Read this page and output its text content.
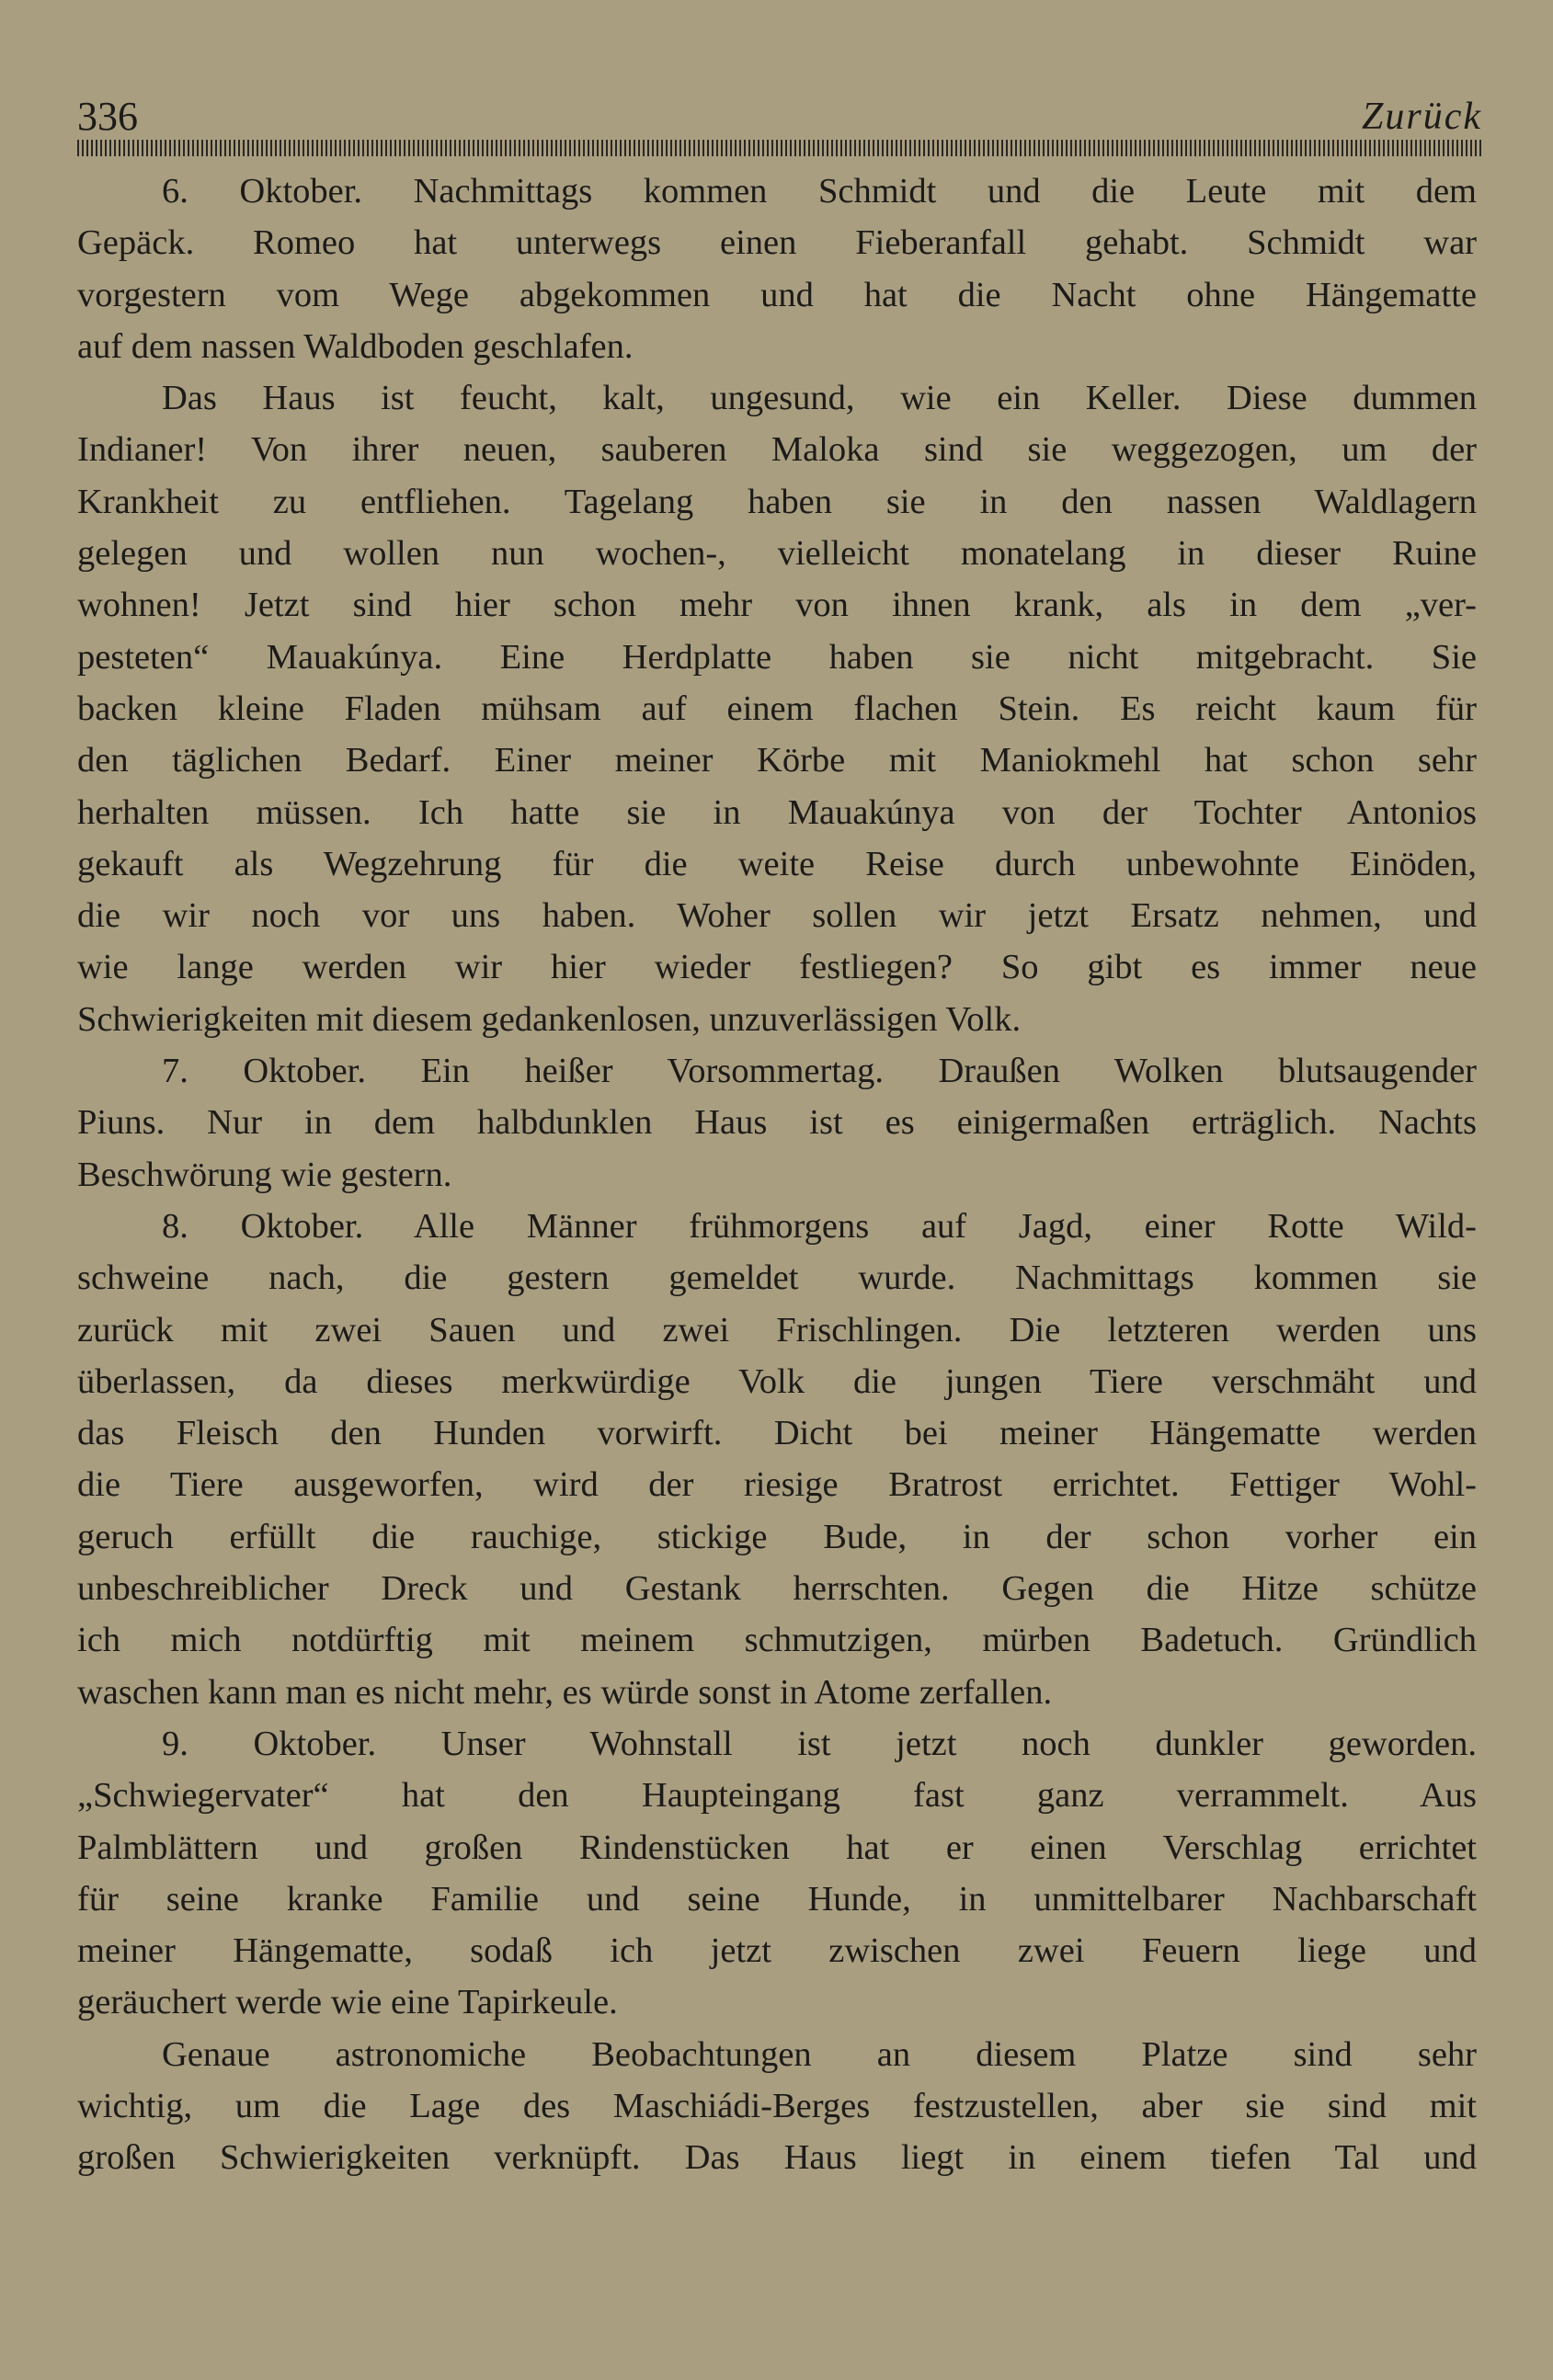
336	Zurück
6. Oktober. Nachmittags kommen Schmidt und die Leute mit dem
Gepäck. Romeo hat unterwegs einen Fieberanfall gehabt. Schmidt war
vorgestern vom Wege abgekommen und hat die Nacht ohne Hängematte
auf dem nassen Waldboden geschlafen.
Das Haus ist feucht, kalt, ungesund, wie ein Keller. Diese dummen
Indianer! Von ihrer neuen, sauberen Maloka sind sie weggezogen, um der
Krankheit zu entfliehen. Tagelang haben sie in den nassen Waldlagern
gelegen und wollen nun wochen-, vielleicht monatelang in dieser Ruine
wohnen! Jetzt sind hier schon mehr von ihnen krank, als in dem „ver-
pesteten“ Mauakúnya. Eine Herdplatte haben sie nicht mitgebracht. Sie
backen kleine Fladen mühsam auf einem flachen Stein. Es reicht kaum für
den täglichen Bedarf. Einer meiner Körbe mit Maniokmehl hat schon sehr
herhalten müssen. Ich hatte sie in Mauakúnya von der Tochter Antonios
gekauft als Wegzehrung für die weite Reise durch unbewohnte Einöden,
die wir noch vor uns haben. Woher sollen wir jetzt Ersatz nehmen, und
wie lange werden wir hier wieder festliegen? So gibt es immer neue
Schwierigkeiten mit diesem gedankenlosen, unzuverlässigen Volk.
7. Oktober. Ein heißer Vorsommertag. Draußen Wolken blutsaugender
Piuns. Nur in dem halbdunklen Haus ist es einigermaßen erträglich. Nachts
Beschwörung wie gestern.
8. Oktober. Alle Männer frühmorgens auf Jagd, einer Rotte Wild-
schweine nach, die gestern gemeldet wurde. Nachmittags kommen sie
zurück mit zwei Sauen und zwei Frischlingen. Die letzteren werden uns
überlassen, da dieses merkwürdige Volk die jungen Tiere verschmäht und
das Fleisch den Hunden vorwirft. Dicht bei meiner Hängematte werden
die Tiere ausgeworfen, wird der riesige Bratrost errichtet. Fettiger Wohl-
geruch erfüllt die rauchige, stickige Bude, in der schon vorher ein
unbeschreiblicher Dreck und Gestank herrschten. Gegen die Hitze schütze
ich mich notdürftig mit meinem schmutzigen, mürben Badetuch. Gründlich
waschen kann man es nicht mehr, es würde sonst in Atome zerfallen.
9. Oktober. Unser Wohnstall ist jetzt noch dunkler geworden.
„Schwiegervater“ hat den Haupteingang fast ganz verrammelt. Aus
Palmblättern und großen Rindenstücken hat er einen Verschlag errichtet
für seine kranke Familie und seine Hunde, in unmittelbarer Nachbarschaft
meiner Hängematte, sodaß ich jetzt zwischen zwei Feuern liege und
geräuchert werde wie eine Tapirkeule.
Genaue astronomiche Beobachtungen an diesem Platze sind sehr
wichtig, um die Lage des Maschiádi-Berges festzustellen, aber sie sind mit
großen Schwierigkeiten verknüpft. Das Haus liegt in einem tiefen Tal und
